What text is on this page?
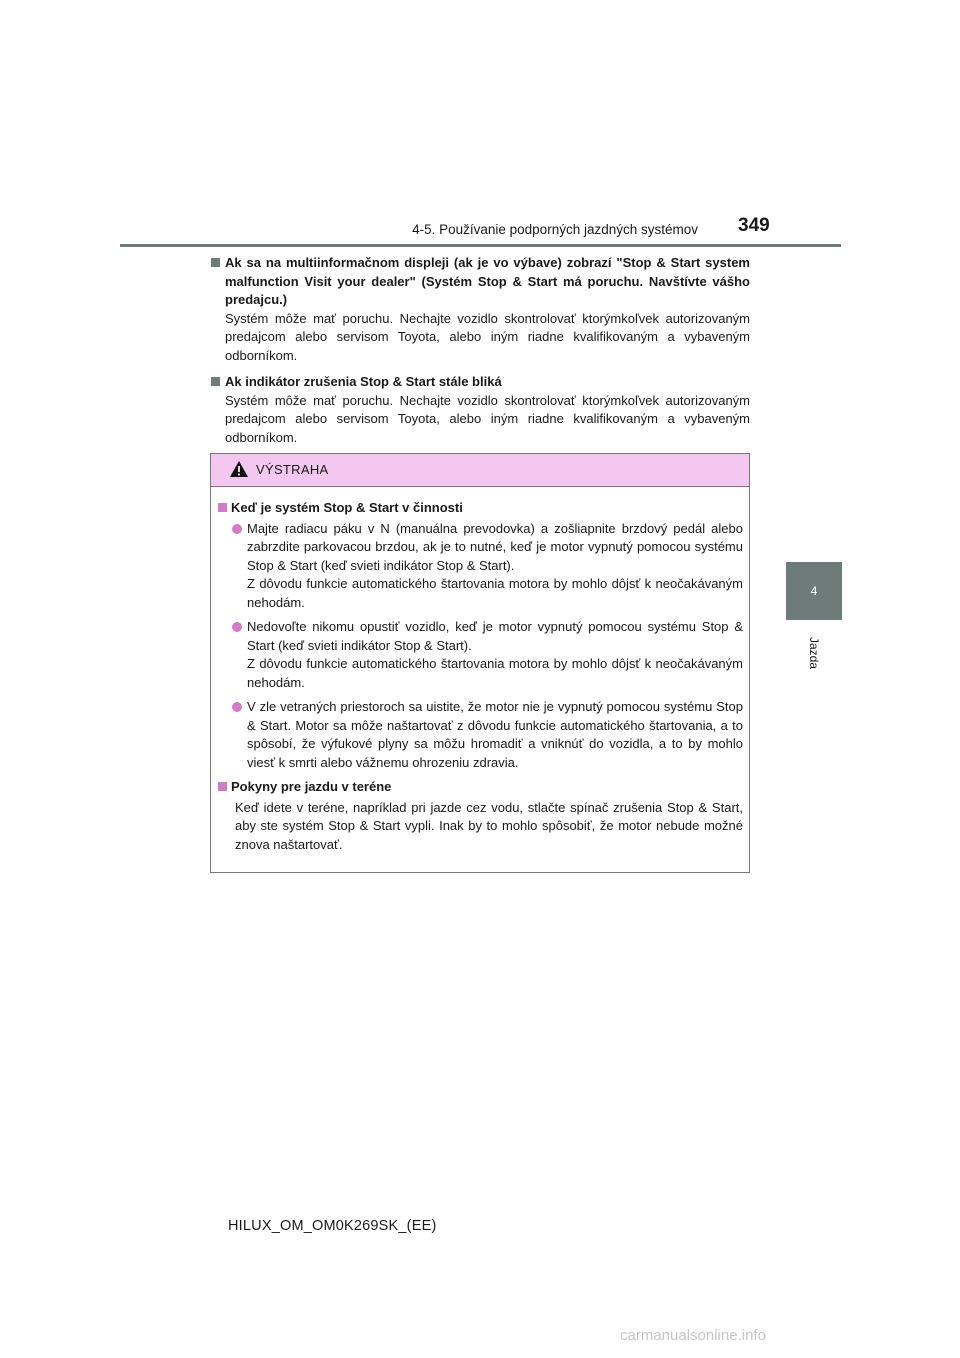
4-5. Používanie podporných jazdných systémov 349
4
Jazda
Ak sa na multiinformačnom displeji (ak je vo výbave) zobrazí "Stop & Start system malfunction Visit your dealer" (Systém Stop & Start má poruchu. Navštívte vášho predajcu.)
Systém môže mať poruchu. Nechajte vozidlo skontrolovať ktorýmkoľvek autorizovaným predajcom alebo servisom Toyota, alebo iným riadne kvalifikovaným a vybaveným odborníkom.
Ak indikátor zrušenia Stop & Start stále bliká
Systém môže mať poruchu. Nechajte vozidlo skontrolovať ktorýmkoľvek autorizovaným predajcom alebo servisom Toyota, alebo iným riadne kvalifikovaným a vybaveným odborníkom.
VÝSTRAHA
Keď je systém Stop & Start v činnosti

Majte radiacu páku v N (manuálna prevodovka) a zošliapnite brzdový pedál alebo zabrzdite parkovacou brzdou, ak je to nutné, keď je motor vypnutý pomocou systému Stop & Start (keď svieti indikátor Stop & Start).

Z dôvodu funkcie automatického štartovania motora by mohlo dôjsť k neočakávaným nehodám.

Nedovoľte nikomu opustiť vozidlo, keď je motor vypnutý pomocou systému Stop & Start (keď svieti indikátor Stop & Start).

Z dôvodu funkcie automatického štartovania motora by mohlo dôjsť k neočakávaným nehodám.

V zle vetraných priestoroch sa uistite, že motor nie je vypnutý pomocou systému Stop & Start. Motor sa môže naštartovať z dôvodu funkcie automatického štartovania, a to spôsobí, že výfukové plyny sa môžu hromadiť a vniknúť do vozidla, a to by mohlo viesť k smrti alebo vážnemu ohrozeniu zdravia.

Pokyny pre jazdu v teréne

Keď idete v teréne, napríklad pri jazde cez vodu, stlačte spínač zrušenia Stop & Start, aby ste systém Stop & Start vypli. Inak by to mohlo spôsobiť, že motor nebude možné znova naštartovať.

HILUX_OM_OM0K269SK_(EE)
carmanualsonline.info
